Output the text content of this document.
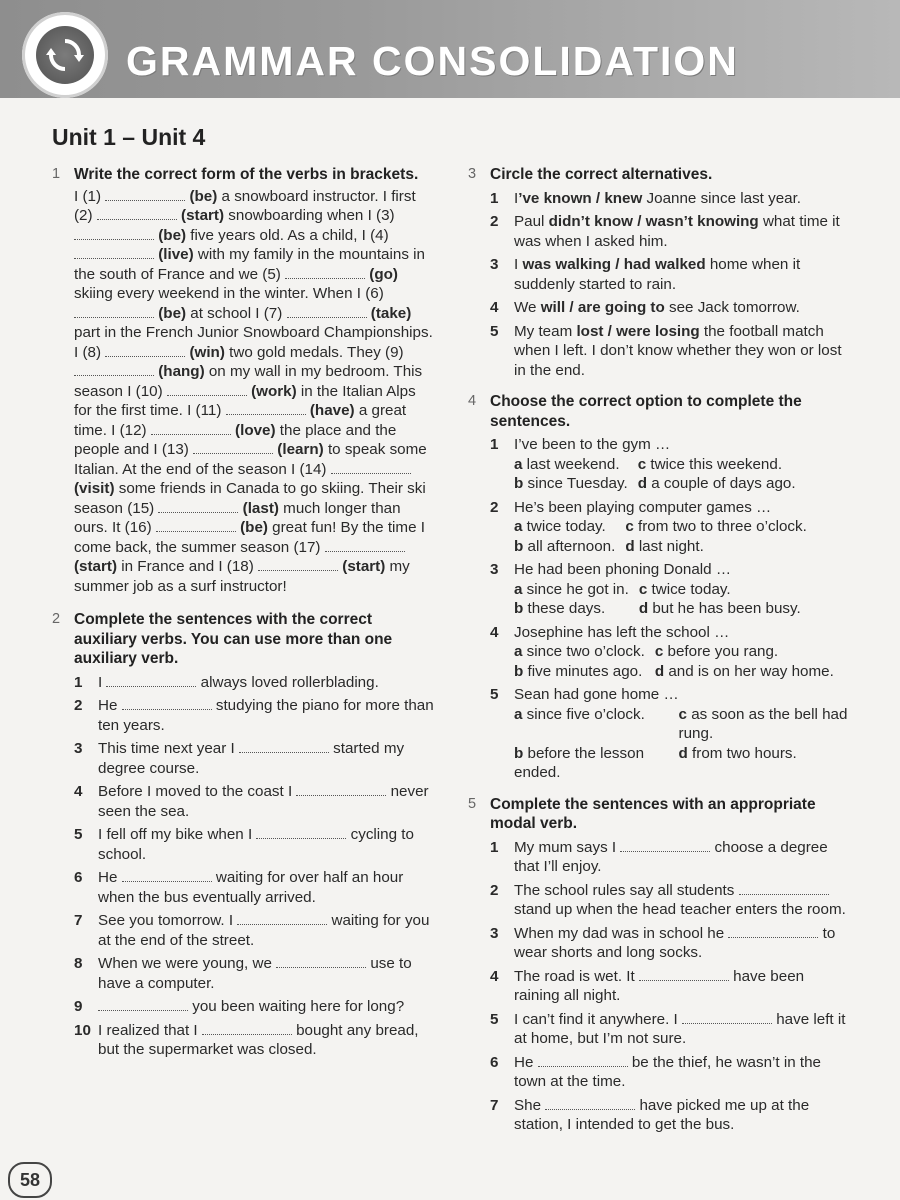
GRAMMAR CONSOLIDATION
Unit 1 – Unit 4
1 Write the correct form of the verbs in brackets.
I (1)	(be) a snowboard instructor. I first (2)	(start) snowboarding when I (3)  (be) five years old. As a child, I (4)  (live) with my family in the mountains in the south of France and we (5)	(go) skiing every weekend in the winter. When I (6)  (be) at school I (7)	(take) part in the French Junior Snowboard Championships. I (8)	(win) two gold medals. They (9)  (hang) on my wall in my bedroom. This season I (10)	(work) in the Italian Alps for the first time. I (11)	(have) a great time. I (12)	(love) the place and the people and I (13)	(learn) to speak some Italian. At the end of the season I (14)  (visit) some friends in Canada to go skiing. Their ski season (15)	(last) much longer than ours. It (16)	(be) great fun! By the time I come back, the summer season (17)  (start) in France and I (18)	(start) my summer job as a surf instructor!
2 Complete the sentences with the correct auxiliary verbs. You can use more than one auxiliary verb.
1 I	always loved rollerblading.
2 He	studying the piano for more than ten years.
3 This time next year I	started my degree course.
4 Before I moved to the coast I	never seen the sea.
5 I fell off my bike when I	cycling to school.
6 He	waiting for over half an hour when the bus eventually arrived.
7 See you tomorrow. I	waiting for you at the end of the street.
8 When we were young, we	use to have a computer.
9	you been waiting here for long?
10 I realized that I	bought any bread, but the supermarket was closed.
3 Circle the correct alternatives.
1 I’ve known / knew Joanne since last year.
2 Paul didn’t know / wasn’t knowing what time it was when I asked him.
3 I was walking / had walked home when it suddenly started to rain.
4 We will / are going to see Jack tomorrow.
5 My team lost / were losing the football match when I left. I don’t know whether they won or lost in the end.
4 Choose the correct option to complete the sentences.
1 I’ve been to the gym …
a last weekend.	c twice this weekend.
b since Tuesday.	d a couple of days ago.
2 He’s been playing computer games …
a twice today.	c from two to three o’clock.
b all afternoon.	d last night.
3 He had been phoning Donald …
a since he got in.	c twice today.
b these days.	d but he has been busy.
4 Josephine has left the school …
a since two o’clock.	c before you rang.
b five minutes ago.	d and is on her way home.
5 Sean had gone home …
a since five o’clock.	c as soon as the bell had rung.
b before the lesson ended.	d from two hours.
5 Complete the sentences with an appropriate modal verb.
1 My mum says I	choose a degree that I’ll enjoy.
2 The school rules say all students  stand up when the head teacher enters the room.
3 When my dad was in school he	to wear shorts and long socks.
4 The road is wet. It	have been raining all night.
5 I can’t find it anywhere. I	have left it at home, but I’m not sure.
6 He	be the thief, he wasn’t in the town at the time.
7 She	have picked me up at the station, I intended to get the bus.
58
